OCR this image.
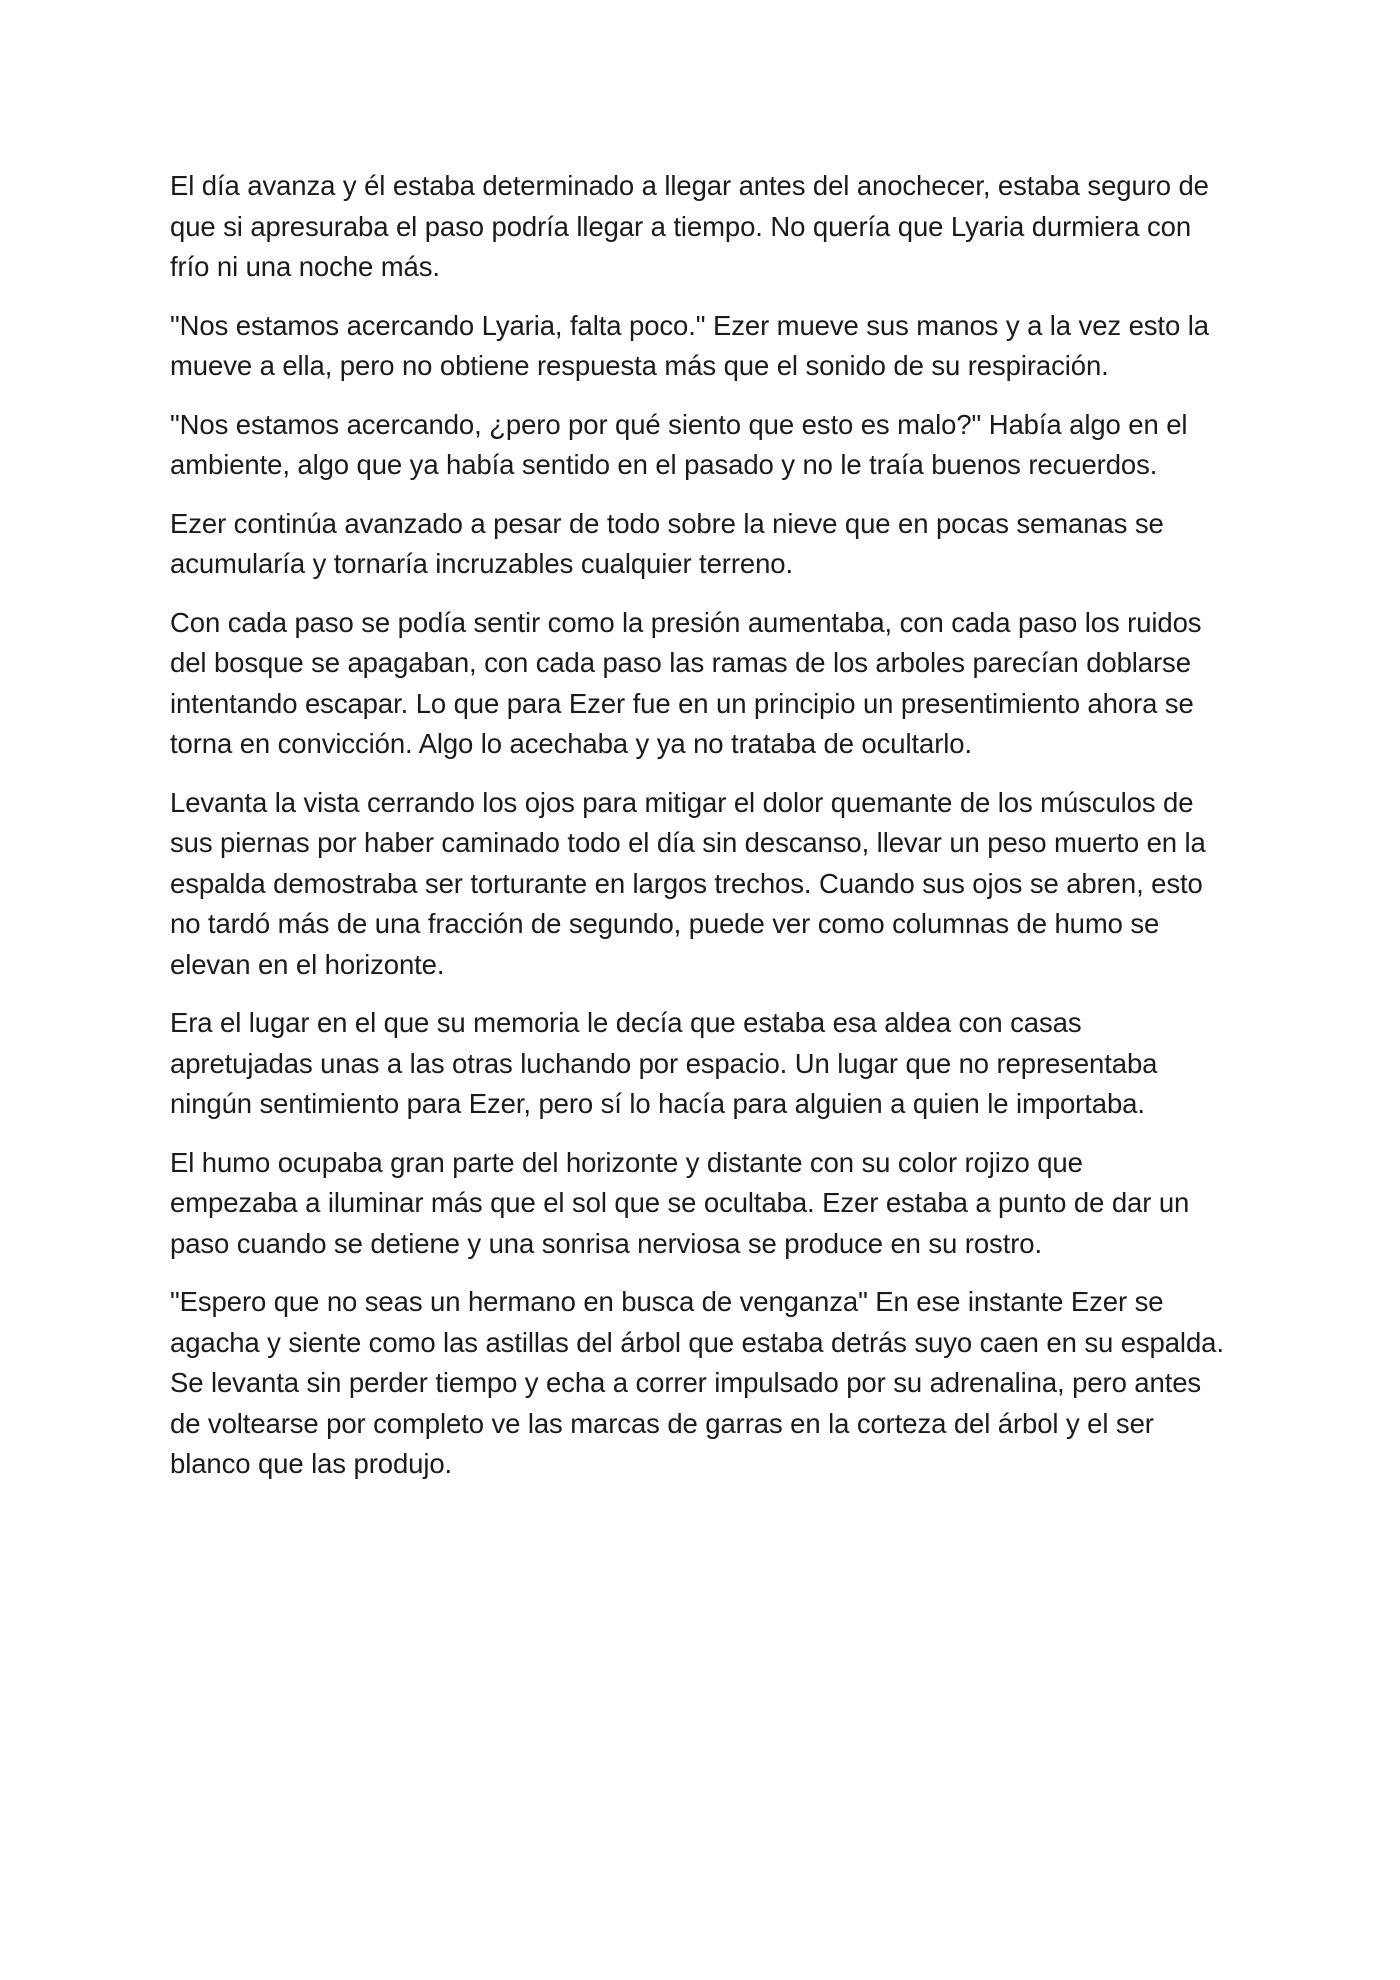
El día avanza y él estaba determinado a llegar antes del anochecer, estaba seguro de
que si apresuraba el paso podría llegar a tiempo. No quería que Lyaria durmiera con
frío ni una noche más.

"Nos estamos acercando Lyaria, falta poco." Ezer mueve sus manos y a la vez esto la
mueve a ella, pero no obtiene respuesta más que el sonido de su respiración.

"Nos estamos acercando, ¿pero por qué siento que esto es malo?" Había algo en el
ambiente, algo que ya había sentido en el pasado y no le traía buenos recuerdos.

Ezer continúa avanzado a pesar de todo sobre la nieve que en pocas semanas se
acumularía y tornaría incruzables cualquier terreno.

Con cada paso se podía sentir como la presión aumentaba, con cada paso los ruidos
del bosque se apagaban, con cada paso las ramas de los arboles parecían doblarse
intentando escapar. Lo que para Ezer fue en un principio un presentimiento ahora se
torna en convicción. Algo lo acechaba y ya no trataba de ocultarlo.

Levanta la vista cerrando los ojos para mitigar el dolor quemante de los músculos de
sus piernas por haber caminado todo el día sin descanso, llevar un peso muerto en la
espalda demostraba ser torturante en largos trechos. Cuando sus ojos se abren, esto
no tardó más de una fracción de segundo, puede ver como columnas de humo se
elevan en el horizonte.

Era el lugar en el que su memoria le decía que estaba esa aldea con casas
apretujadas unas a las otras luchando por espacio. Un lugar que no representaba
ningún sentimiento para Ezer, pero sí lo hacía para alguien a quien le importaba.

El humo ocupaba gran parte del horizonte y distante con su color rojizo que
empezaba a iluminar más que el sol que se ocultaba. Ezer estaba a punto de dar un
paso cuando se detiene y una sonrisa nerviosa se produce en su rostro.

"Espero que no seas un hermano en busca de venganza" En ese instante Ezer se
agacha y siente como las astillas del árbol que estaba detrás suyo caen en su espalda.
Se levanta sin perder tiempo y echa a correr impulsado por su adrenalina, pero antes
de voltearse por completo ve las marcas de garras en la corteza del árbol y el ser
blanco que las produjo.
